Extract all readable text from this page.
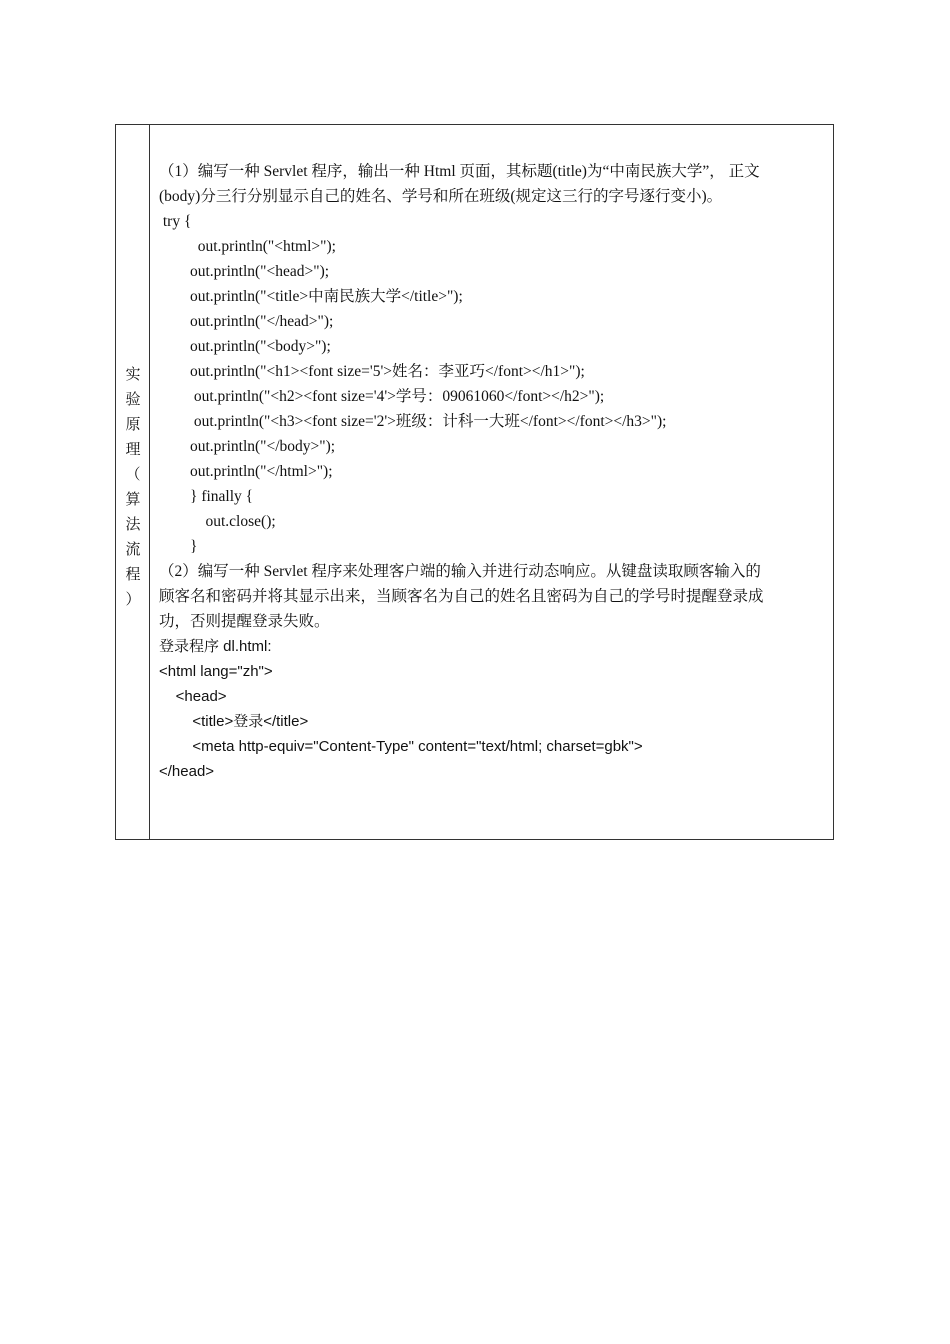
实
验
原
理
（
算
法
流
程
）
（1）编写一种 Servlet 程序，输出一种 Html 页面，其标题(title)为“中南民族大学”， 正文
(body)分三行分别显示自己的姓名、学号和所在班级(规定这三行的字号逐行变小)。
try {
out.println("<html>");
out.println("<head>");
out.println("<title>中南民族大学</title>");
out.println("</head>");
out.println("<body>");
out.println("<h1><font size='5'>姓名：李亚巧</font></h1>");
out.println("<h2><font size='4'>学号：09061060</font></h2>");
out.println("<h3><font size='2'>班级：计科一大班</font></font></h3>");
out.println("</body>");
out.println("</html>");
} finally {
out.close();
}
（2）编写一种 Servlet 程序来处理客户端的输入并进行动态响应。从键盘读取顾客输入的
顾客名和密码并将其显示出来，当顾客名为自己的姓名且密码为自己的学号时提醒登录成
功，否则提醒登录失败。
登录程序 dl.html:
<html lang="zh">
<head>
<title>登录</title>
<meta http-equiv="Content-Type" content="text/html; charset=gbk">
</head>
